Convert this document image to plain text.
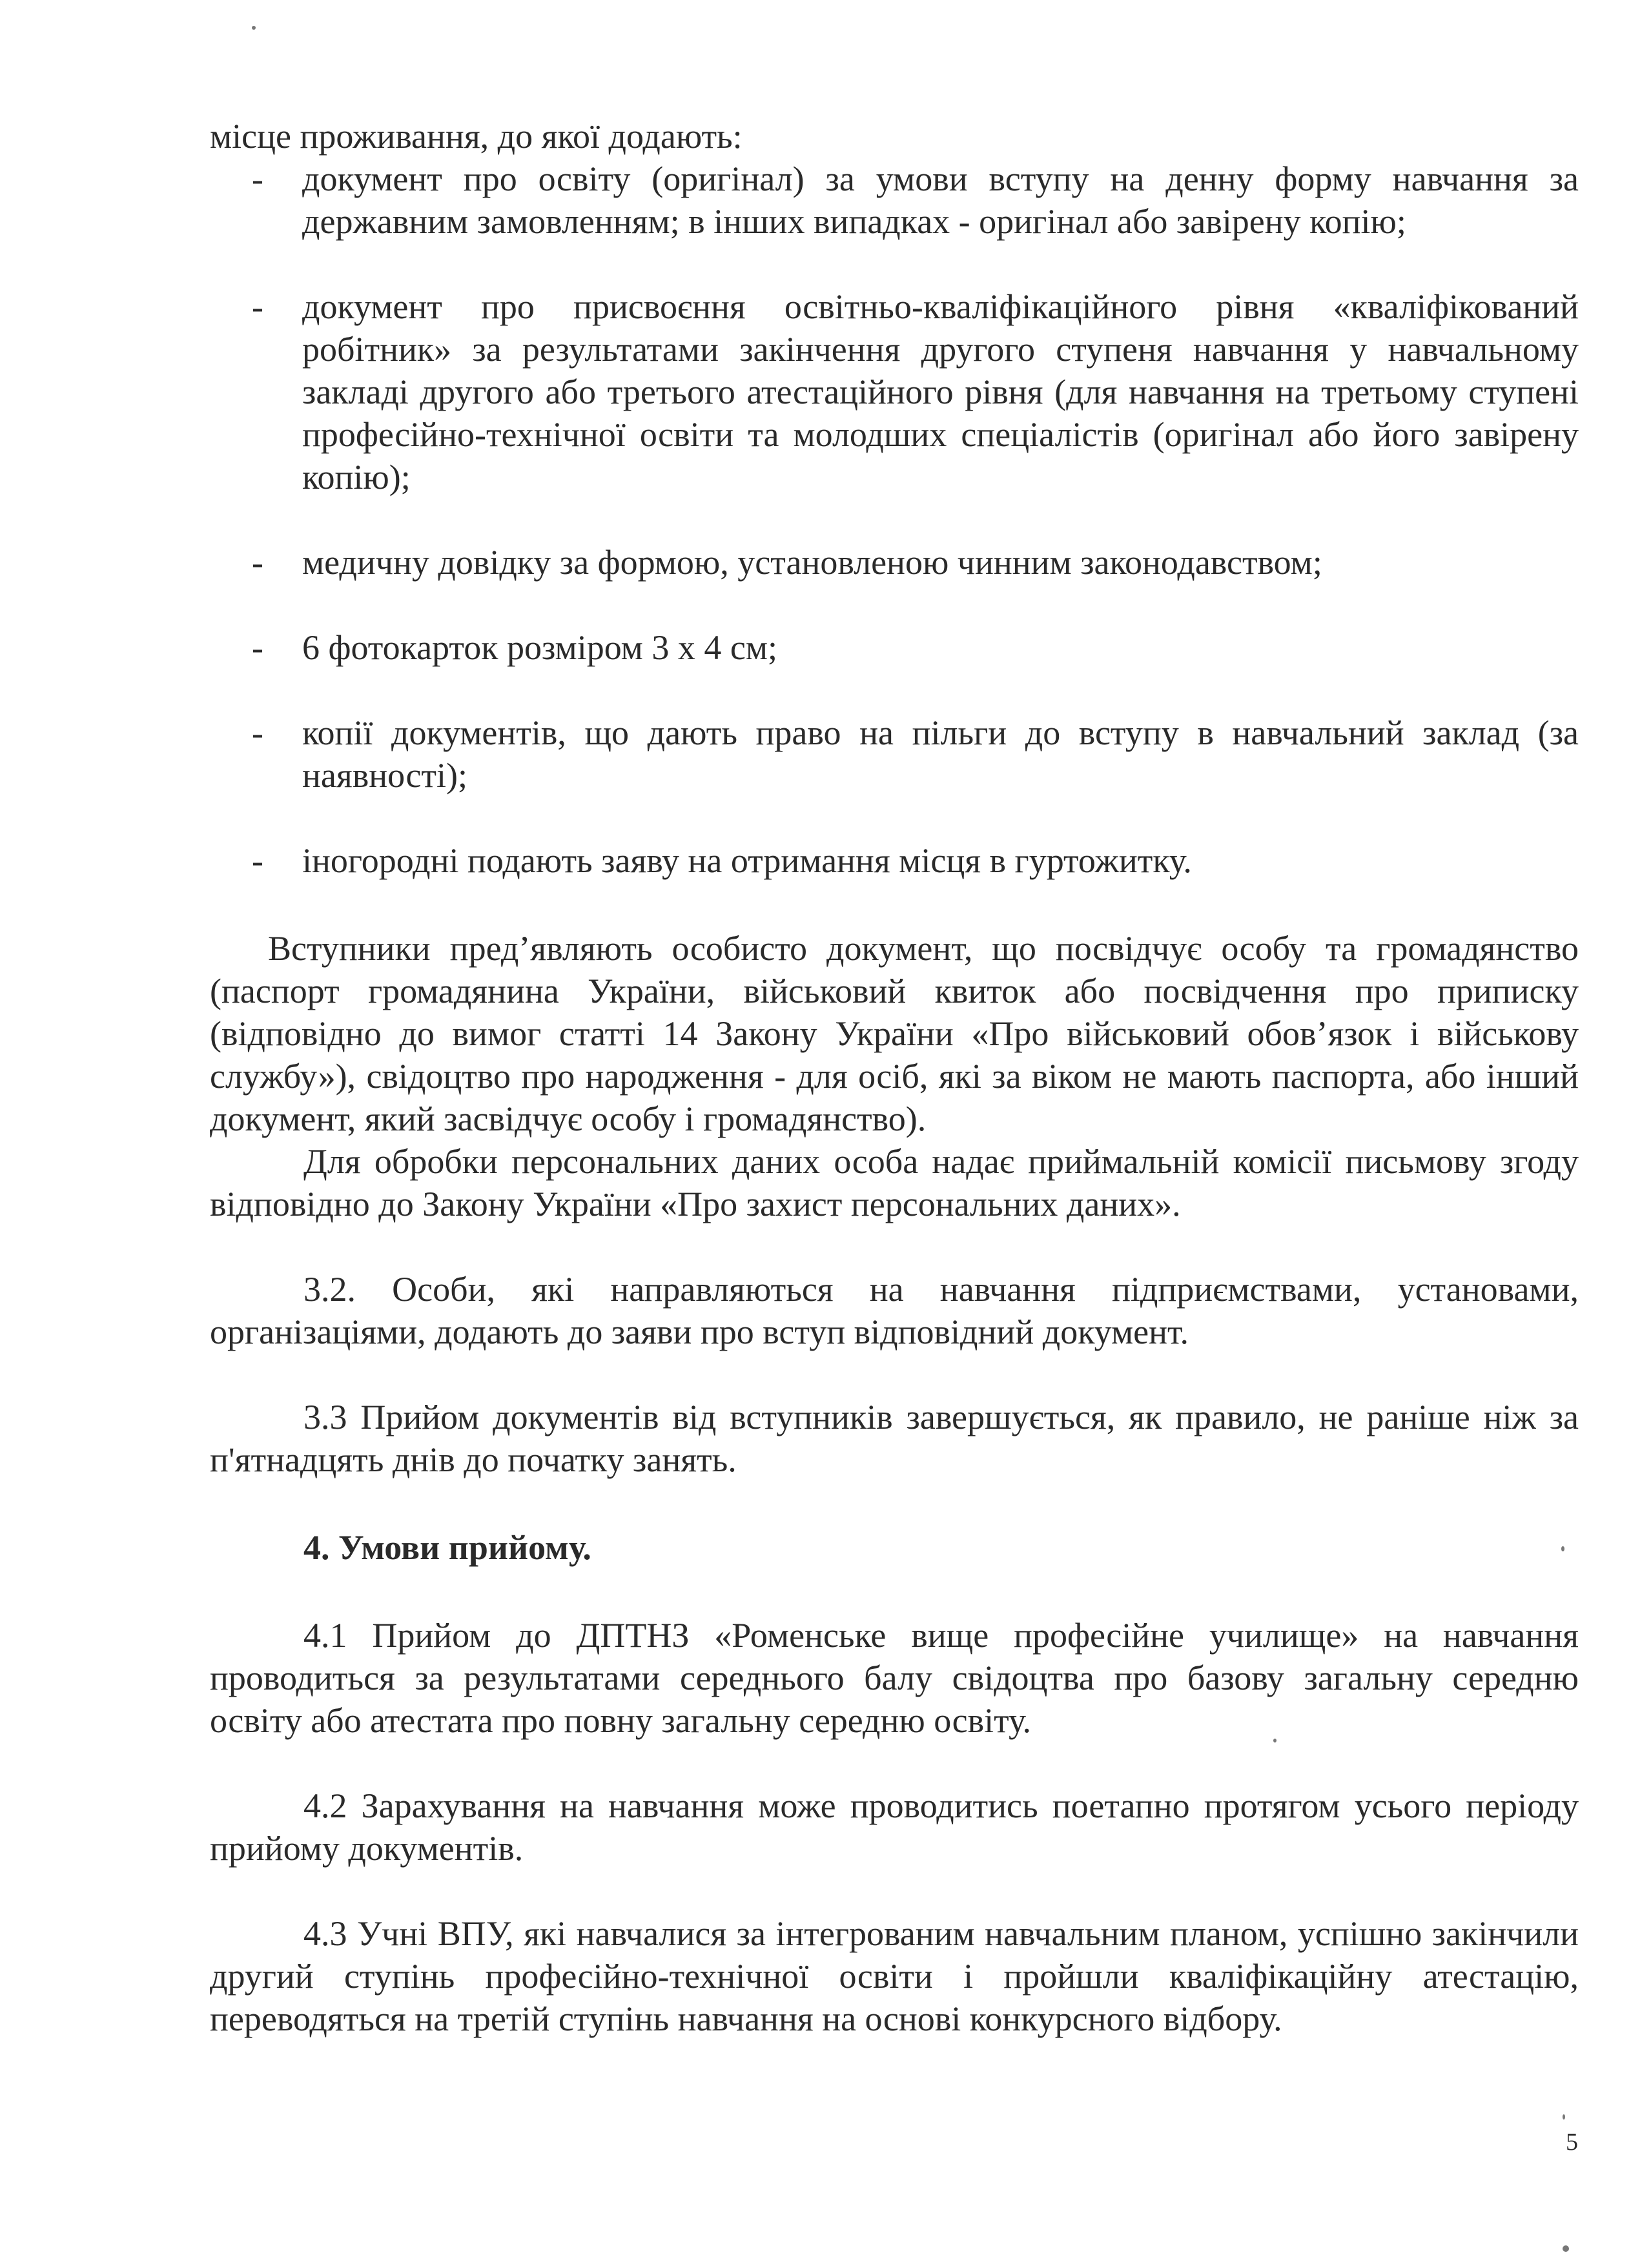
місце проживання, до якої додають:

- документ про освіту (оригінал) за умови вступу на денну форму навчання за державним замовленням; в інших випадках - оригінал або завірену копію;
- документ про присвоєння освітньо-кваліфікаційного рівня «кваліфікований робітник» за результатами закінчення другого ступеня навчання у навчальному закладі другого або третього атестаційного рівня (для навчання на третьому ступені професійно-технічної освіти та молодших спеціалістів (оригінал або його завірену копію);
- медичну довідку за формою, установленою чинним законодавством;
- 6 фотокарток розміром 3 х 4 см;
- копії документів, що дають право на пільги до вступу в навчальний заклад (за наявності);
- іногородні подають заяву на отримання місця в гуртожитку.

Вступники пред’являють особисто документ, що посвідчує особу та громадянство (паспорт громадянина України, військовий квиток або посвідчення про приписку (відповідно до вимог статті 14 Закону України «Про військовий обов’язок і військову службу»), свідоцтво про народження - для осіб, які за віком не мають паспорта, або інший документ, який засвідчує особу і громадянство).

Для обробки персональних даних особа надає приймальній комісії письмову згоду відповідно до Закону України «Про захист персональних даних».

3.2. Особи, які направляються на навчання підприємствами, установами, організаціями, додають до заяви про вступ відповідний документ.

3.3 Прийом документів від вступників завершується, як правило, не раніше ніж за п'ятнадцять днів до початку занять.

4. Умови прийому.

4.1 Прийом до ДПТНЗ «Роменське вище професійне училище» на навчання проводиться за результатами середнього балу свідоцтва про базову загальну середню освіту або атестата про повну загальну середню освіту.

4.2 Зарахування на навчання може проводитись поетапно протягом усього періоду прийому документів.

4.3 Учні ВПУ, які навчалися за інтегрованим навчальним планом, успішно закінчили другий ступінь професійно-технічної освіти і пройшли кваліфікаційну атестацію, переводяться на третій ступінь навчання на основі конкурсного відбору.

5
